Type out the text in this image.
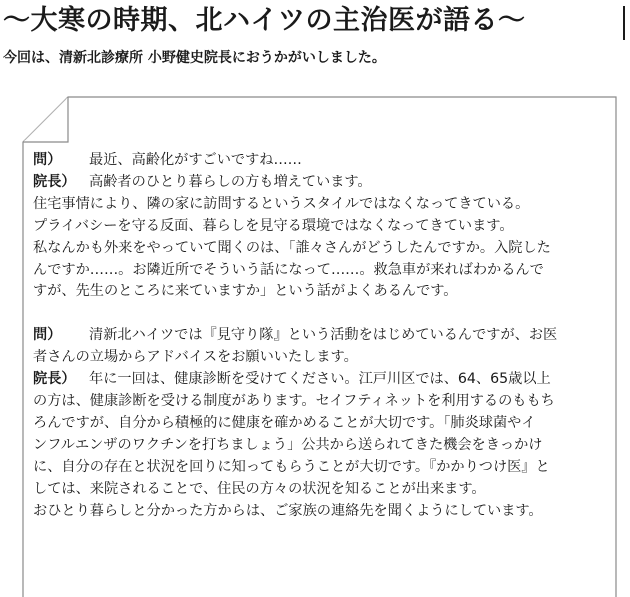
～大寒の時期、北ハイツの主治医が語る～
今回は、清新北診療所 小野健史院長におうかがいしました。
問） 最近、高齢化がすごいですね……
院長） 高齢者のひとり暮らしの方も増えています。
住宅事情により、隣の家に訪問するというスタイルではなくなってきている。
プライバシーを守る反面、暮らしを見守る環境ではなくなってきています。
私なんかも外来をやっていて聞くのは、「誰々さんがどうしたんですか。入院した
んですか……。お隣近所でそういう話になって……。救急車が来ればわかるんで
すが、先生のところに来ていますか」という話がよくあるんです。
問） 清新北ハイツでは『見守り隊』という活動をはじめているんですが、お医
者さんの立場からアドバイスをお願いいたします。
院長） 年に一回は、健康診断を受けてください。江戸川区では、64、65歳以上
の方は、健康診断を受ける制度があります。セイフティネットを利用するのももち
ろんですが、自分から積極的に健康を確かめることが大切です。「肺炎球菌やイ
ンフルエンザのワクチンを打ちましょう」公共から送られてきた機会をきっかけ
に、自分の存在と状況を回りに知ってもらうことが大切です。『かかりつけ医』と
しては、来院されることで、住民の方々の状況を知ることが出来ます。
おひとり暮らしと分かった方からは、ご家族の連絡先を聞くようにしています。
